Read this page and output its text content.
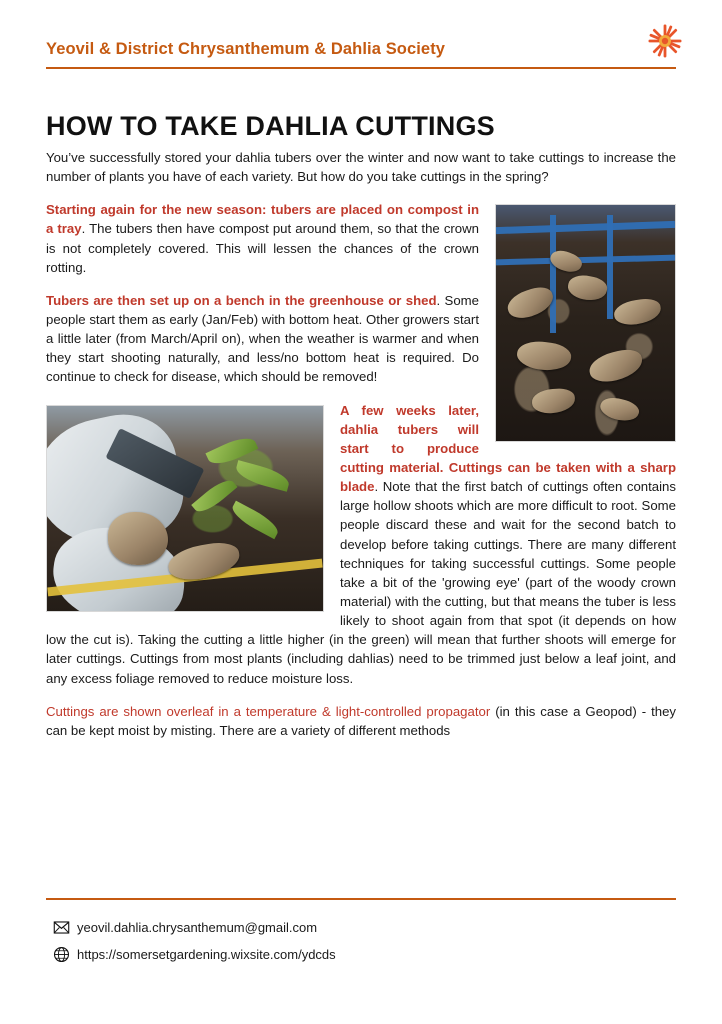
Yeovil & District Chrysanthemum & Dahlia Society
HOW TO TAKE DAHLIA CUTTINGS

You’ve successfully stored your dahlia tubers over the winter and now want to take cuttings to increase the number of plants you have of each variety. But how do you take cuttings in the spring?

Starting again for the new season: tubers are placed on compost in a tray. The tubers then have compost put around them, so that the crown is not completely covered. This will lessen the chances of the crown rotting.

Tubers are then set up on a bench in the greenhouse or shed. Some people start them as early (Jan/Feb) with bottom heat. Other growers start a little later (from March/April on), when the weather is warmer and when they start shooting naturally, and less/no bottom heat is required. Do continue to check for disease, which should be removed!

A few weeks later, dahlia tubers will start to produce cutting material. Cuttings can be taken with a sharp blade. Note that the first batch of cuttings often contains large hollow shoots which are more difficult to root. Some people discard these and wait for the second batch to develop before taking cuttings. There are many different techniques for taking successful cuttings. Some people take a bit of the 'growing eye' (part of the woody crown material) with the cutting, but that means the tuber is less likely to shoot again from that spot (it depends on how low the cut is). Taking the cutting a little higher (in the green) will mean that further shoots will emerge for later cuttings. Cuttings from most plants (including dahlias) need to be trimmed just below a leaf joint, and any excess foliage removed to reduce moisture loss.

Cuttings are shown overleaf in a temperature & light-controlled propagator (in this case a Geopod) - they can be kept moist by misting. There are a variety of different methods

yeovil.dahlia.chrysanthemum@gmail.com
https://somersetgardening.wixsite.com/ydcds
